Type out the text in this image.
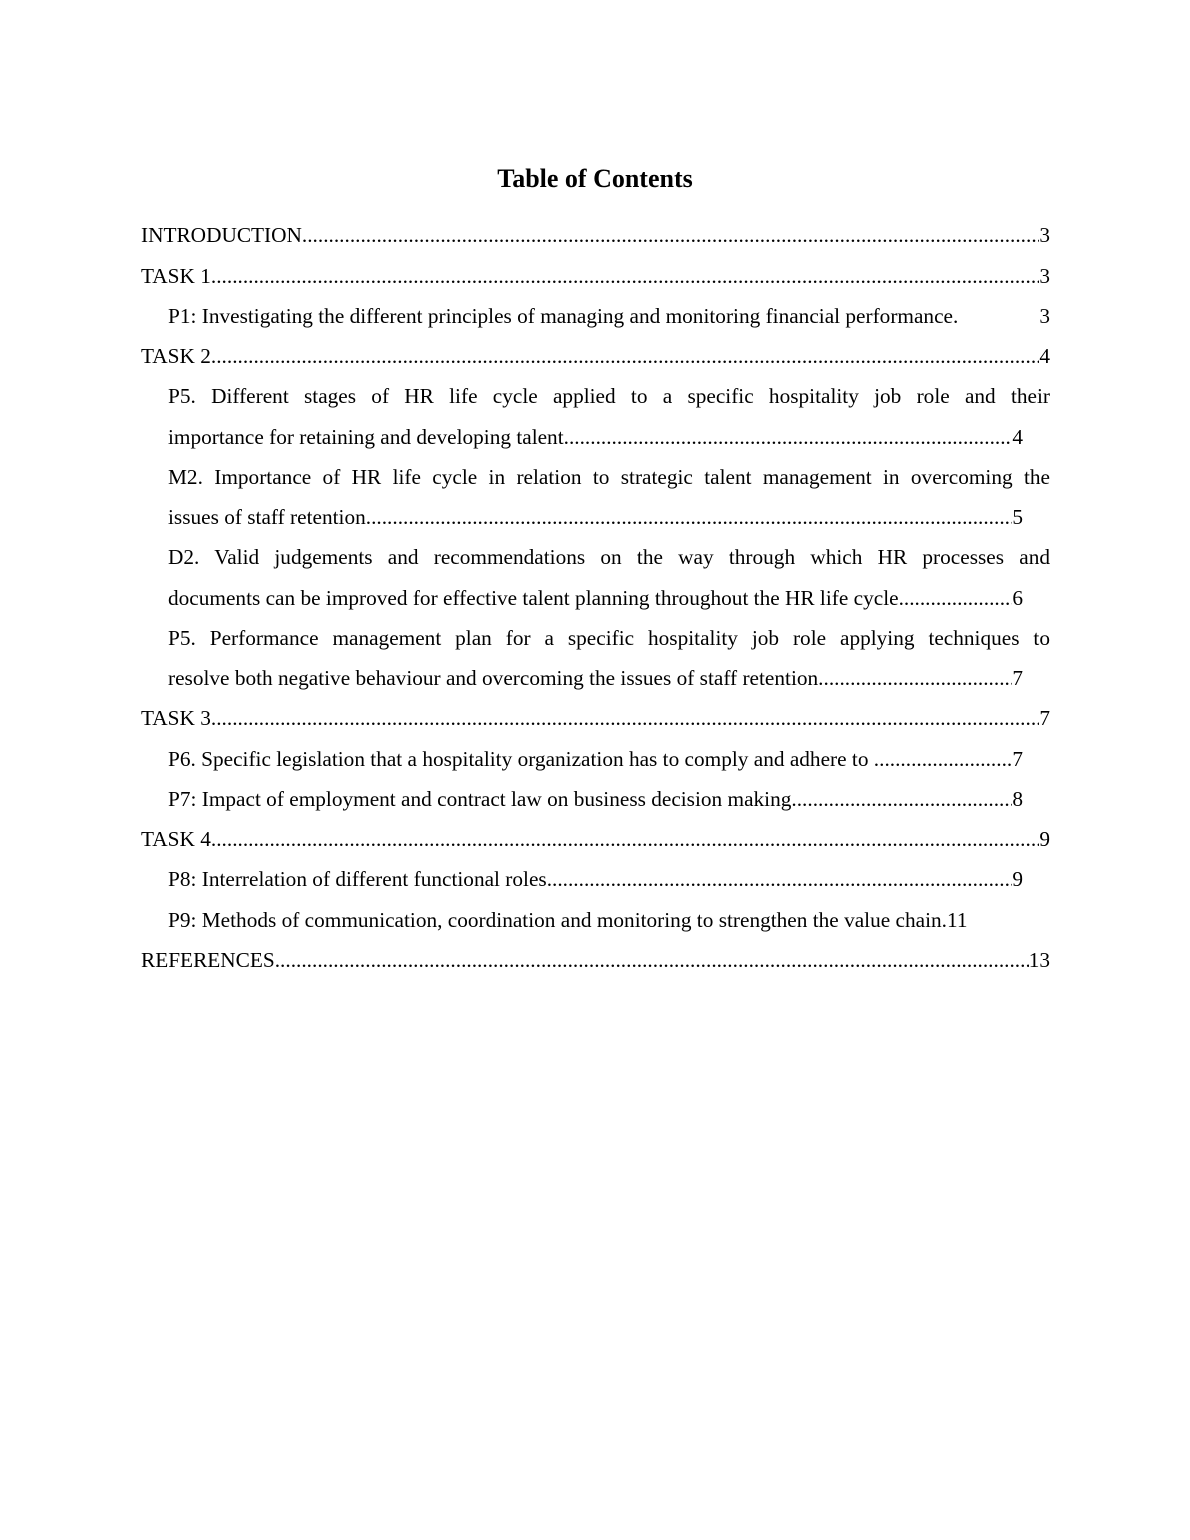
Table of Contents
INTRODUCTION .....	3
TASK 1 .....	3
P1: Investigating the different principles of managing and monitoring financial performance.	3
TASK 2 .....	4
P5. Different stages of HR life cycle applied to a specific hospitality job role and their
importance for retaining and developing talent .....	4
M2. Importance of HR life cycle in relation to strategic talent management in overcoming the
issues of staff retention .....	5
D2. Valid judgements and recommendations on the way through which HR processes and
documents can be improved for effective talent planning throughout the HR life cycle .....	6
P5. Performance management plan for a specific hospitality job role applying techniques to
resolve both negative behaviour and overcoming the issues of staff retention .....	7
TASK 3 .....	7
P6. Specific legislation that a hospitality organization has to comply and adhere to .....	7
P7: Impact of employment and contract law on business decision making .....	8
TASK 4 .....	9
P8: Interrelation of different functional roles .....	9
P9: Methods of communication, coordination and monitoring to strengthen the value chain. 11
REFERENCES .....	13
